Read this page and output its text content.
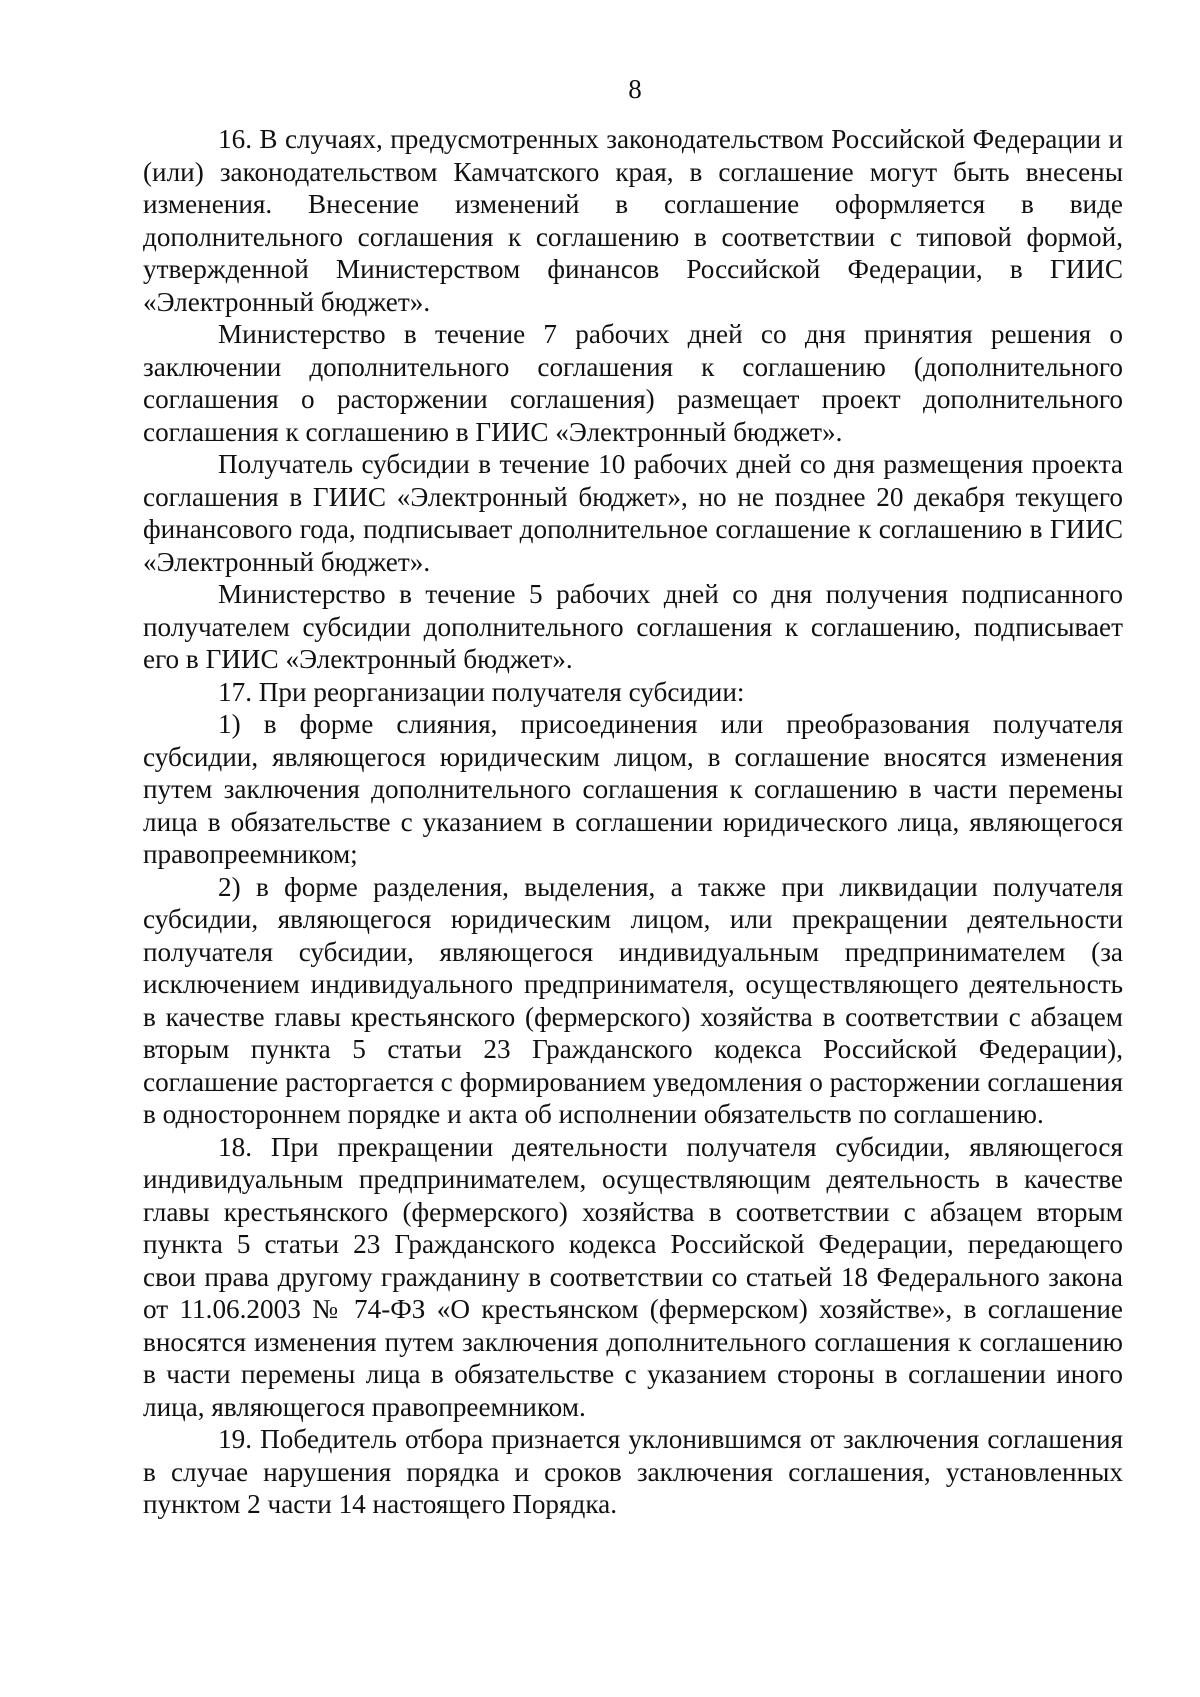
8

16. В случаях, предусмотренных законодательством Российской Федерации и (или) законодательством Камчатского края, в соглашение могут быть внесены изменения. Внесение изменений в соглашение оформляется в виде дополнительного соглашения к соглашению в соответствии с типовой формой, утвержденной Министерством финансов Российской Федерации, в ГИИС «Электронный бюджет».

Министерство в течение 7 рабочих дней со дня принятия решения о заключении дополнительного соглашения к соглашению (дополнительного соглашения о расторжении соглашения) размещает проект дополнительного соглашения к соглашению в ГИИС «Электронный бюджет».

Получатель субсидии в течение 10 рабочих дней со дня размещения проекта соглашения в ГИИС «Электронный бюджет», но не позднее 20 декабря текущего финансового года, подписывает дополнительное соглашение к соглашению в ГИИС «Электронный бюджет».

Министерство в течение 5 рабочих дней со дня получения подписанного получателем субсидии дополнительного соглашения к соглашению, подписывает его в ГИИС «Электронный бюджет».

17. При реорганизации получателя субсидии:

1) в форме слияния, присоединения или преобразования получателя субсидии, являющегося юридическим лицом, в соглашение вносятся изменения путем заключения дополнительного соглашения к соглашению в части перемены лица в обязательстве с указанием в соглашении юридического лица, являющегося правопреемником;

2) в форме разделения, выделения, а также при ликвидации получателя субсидии, являющегося юридическим лицом, или прекращении деятельности получателя субсидии, являющегося индивидуальным предпринимателем (за исключением индивидуального предпринимателя, осуществляющего деятельность в качестве главы крестьянского (фермерского) хозяйства в соответствии с абзацем вторым пункта 5 статьи 23 Гражданского кодекса Российской Федерации), соглашение расторгается с формированием уведомления о расторжении соглашения в одностороннем порядке и акта об исполнении обязательств по соглашению.

18. При прекращении деятельности получателя субсидии, являющегося индивидуальным предпринимателем, осуществляющим деятельность в качестве главы крестьянского (фермерского) хозяйства в соответствии с абзацем вторым пункта 5 статьи 23 Гражданского кодекса Российской Федерации, передающего свои права другому гражданину в соответствии со статьей 18 Федерального закона от 11.06.2003 № 74-ФЗ «О крестьянском (фермерском) хозяйстве», в соглашение вносятся изменения путем заключения дополнительного соглашения к соглашению в части перемены лица в обязательстве с указанием стороны в соглашении иного лица, являющегося правопреемником.

19. Победитель отбора признается уклонившимся от заключения соглашения в случае нарушения порядка и сроков заключения соглашения, установленных пунктом 2 части 14 настоящего Порядка.
